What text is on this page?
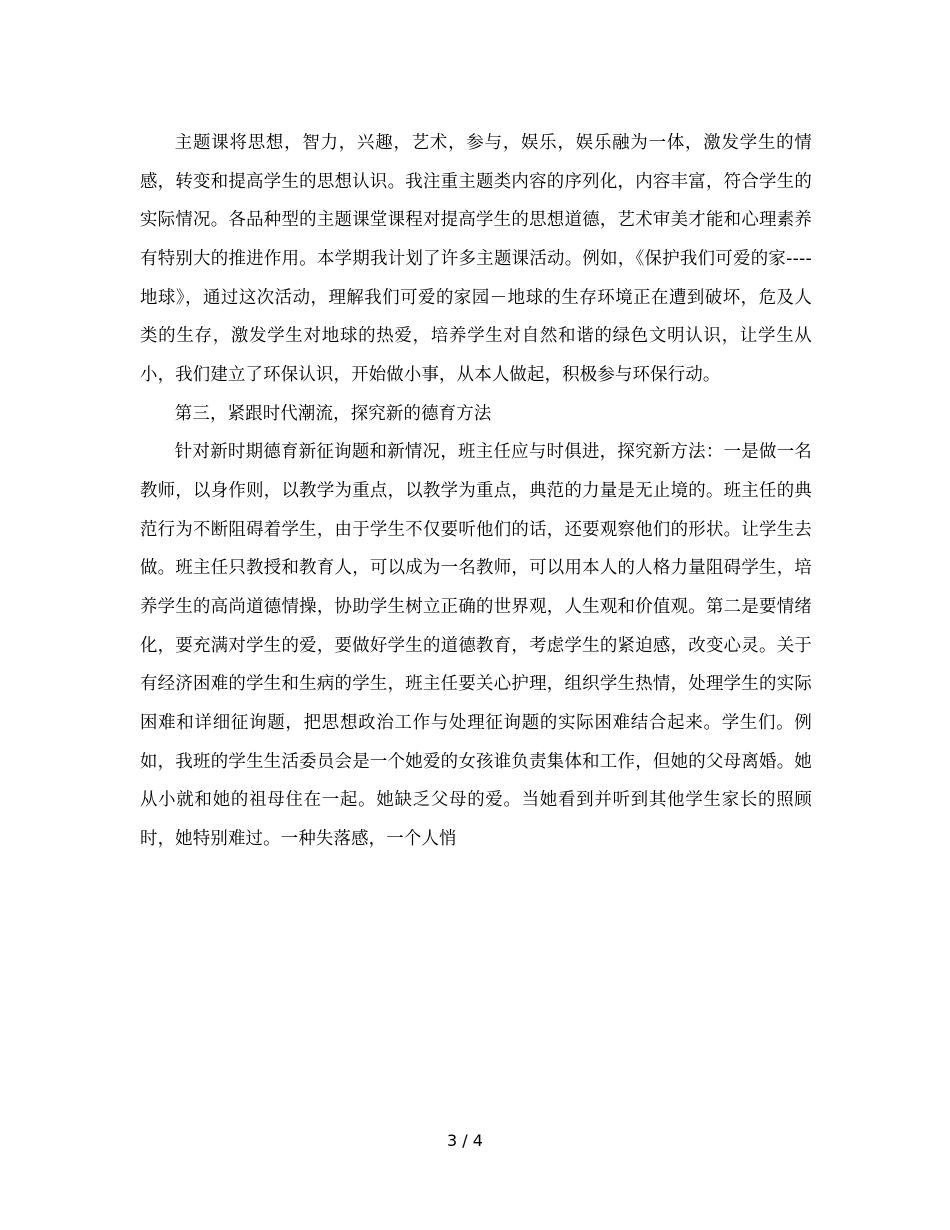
主题课将思想，智力，兴趣，艺术，参与，娱乐，娱乐融为一体，激发学生的情感，转变和提高学生的思想认识。我注重主题类内容的序列化，内容丰富，符合学生的实际情况。各品种型的主题课堂课程对提高学生的思想道德，艺术审美才能和心理素养有特别大的推进作用。本学期我计划了许多主题课活动。例如，《保护我们可爱的家----地球》，通过这次活动，理解我们可爱的家园－地球的生存环境正在遭到破坏，危及人类的生存，激发学生对地球的热爱，培养学生对自然和谐的绿色文明认识，让学生从小，我们建立了环保认识，开始做小事，从本人做起，积极参与环保行动。

第三，紧跟时代潮流，探究新的德育方法

针对新时期德育新征询题和新情况，班主任应与时俱进，探究新方法：一是做一名教师，以身作则，以教学为重点，以教学为重点，典范的力量是无止境的。班主任的典范行为不断阻碍着学生，由于学生不仅要听他们的话，还要观察他们的形状。让学生去做。班主任只教授和教育人，可以成为一名教师，可以用本人的人格力量阻碍学生，培养学生的高尚道德情操，协助学生树立正确的世界观，人生观和价值观。第二是要情绪化，要充满对学生的爱，要做好学生的道德教育，考虑学生的紧迫感，改变心灵。关于有经济困难的学生和生病的学生，班主任要关心护理，组织学生热情，处理学生的实际困难和详细征询题，把思想政治工作与处理征询题的实际困难结合起来。学生们。例如，我班的学生生活委员会是一个她爱的女孩谁负责集体和工作，但她的父母离婚。她从小就和她的祖母住在一起。她缺乏父母的爱。当她看到并听到其他学生家长的照顾时，她特别难过。一种失落感，一个人悄

3 / 4
